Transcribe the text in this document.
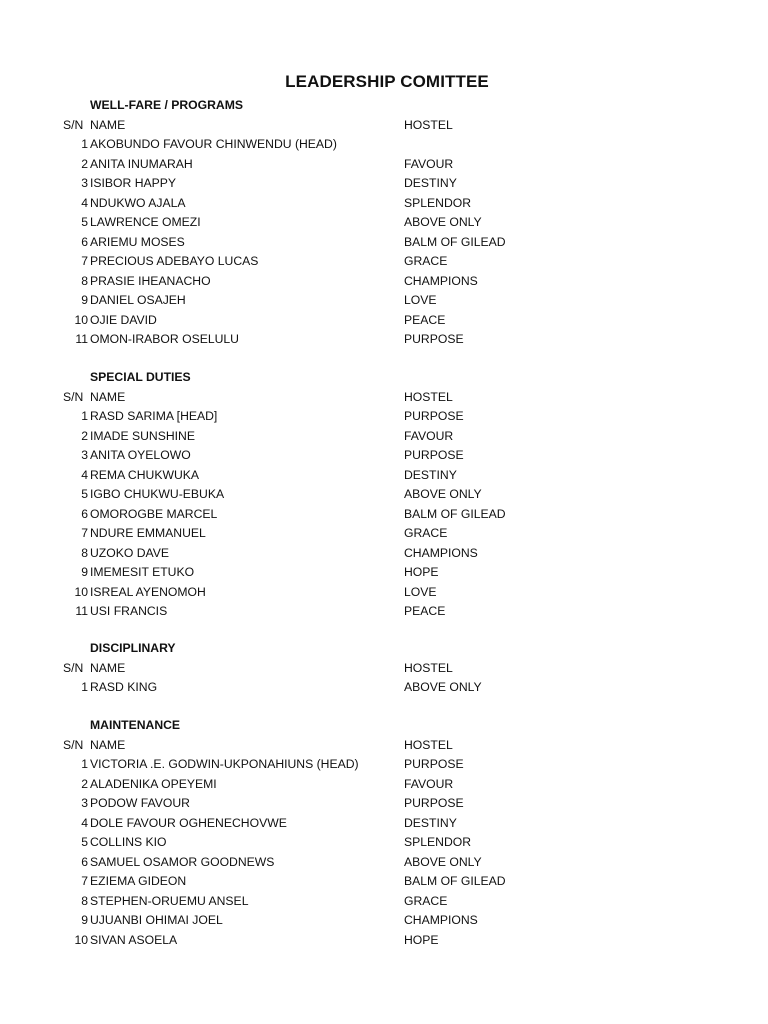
LEADERSHIP COMITTEE
WELL-FARE / PROGRAMS
S/N NAME	HOSTEL
1 AKOBUNDO FAVOUR CHINWENDU (HEAD)
2 ANITA INUMARAH	FAVOUR
3 ISIBOR HAPPY	DESTINY
4 NDUKWO AJALA	SPLENDOR
5 LAWRENCE OMEZI	ABOVE ONLY
6 ARIEMU MOSES	BALM OF GILEAD
7 PRECIOUS ADEBAYO LUCAS	GRACE
8 PRASIE IHEANACHO	CHAMPIONS
9 DANIEL OSAJEH	LOVE
10 OJIE DAVID	PEACE
11 OMON-IRABOR OSELULU	PURPOSE
SPECIAL DUTIES
S/N NAME	HOSTEL
1 RASD SARIMA [HEAD]	PURPOSE
2 IMADE SUNSHINE	FAVOUR
3 ANITA OYELOWO	PURPOSE
4 REMA CHUKWUKA	DESTINY
5 IGBO CHUKWU-EBUKA	ABOVE ONLY
6 OMOROGBE MARCEL	BALM OF GILEAD
7 NDURE EMMANUEL	GRACE
8 UZOKO DAVE	CHAMPIONS
9 IMEMESIT ETUKO	HOPE
10 ISREAL AYENOMOH	LOVE
11 USI FRANCIS	PEACE
DISCIPLINARY
S/N NAME	HOSTEL
1 RASD KING	ABOVE ONLY
MAINTENANCE
S/N NAME	HOSTEL
1 VICTORIA .E. GODWIN-UKPONAHIUNS (HEAD)	PURPOSE
2 ALADENIKA OPEYEMI	FAVOUR
3 PODOW FAVOUR	PURPOSE
4 DOLE FAVOUR OGHENECHOVWE	DESTINY
5 COLLINS KIO	SPLENDOR
6 SAMUEL OSAMOR GOODNEWS	ABOVE ONLY
7 EZIEMA GIDEON	BALM OF GILEAD
8 STEPHEN-ORUEMU ANSEL	GRACE
9 UJUANBI OHIMAI JOEL	CHAMPIONS
10 SIVAN ASOELA	HOPE
